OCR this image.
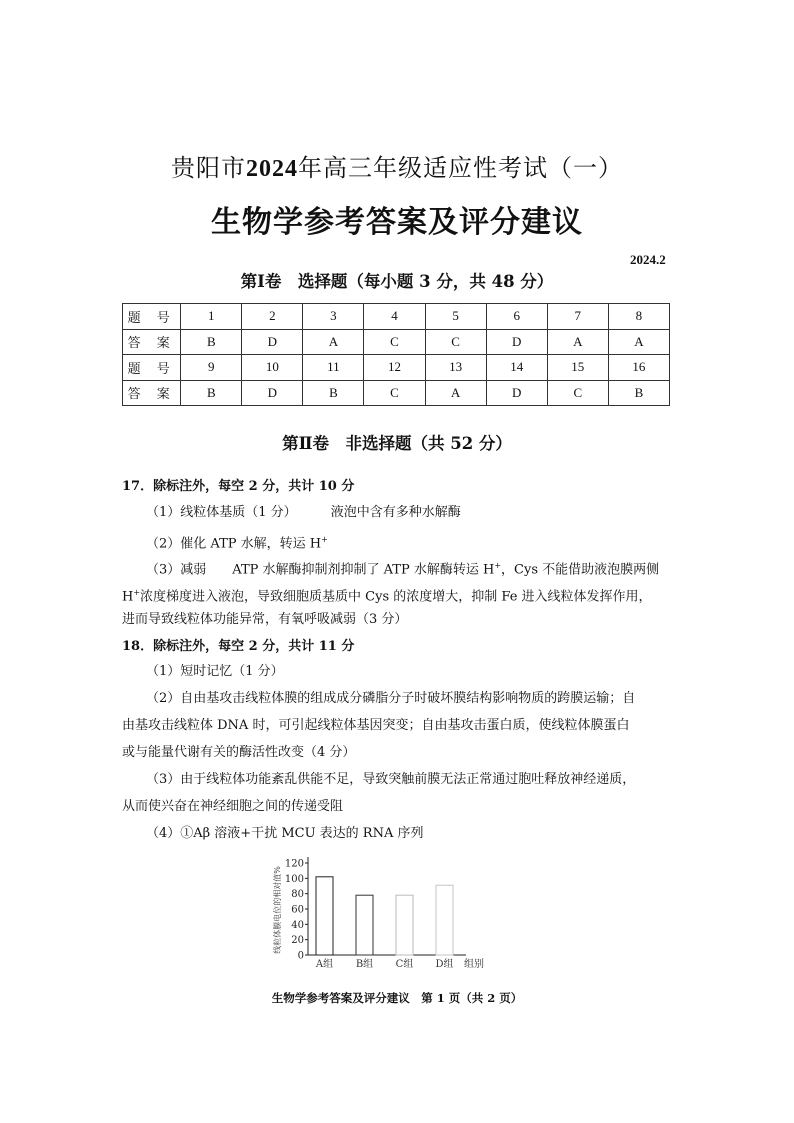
贵阳市2024年高三年级适应性考试（一）
生物学参考答案及评分建议
2024.2
第Ⅰ卷　选择题（每小题 3 分，共 48 分）
题 号	1	2	3	4	5	6	7	8
答 案	B	D	A	C	C	D	A	A
题 号	9	10	11	12	13	14	15	16
答 案	B	D	B	C	A	D	C	B
第Ⅱ卷　非选择题（共 52 分）
17．除标注外，每空 2 分，共计 10 分
（1）线粒体基质（1 分）	液泡中含有多种水解酶
（2）催化 ATP 水解，转运 H+
（3）减弱　　ATP 水解酶抑制剂抑制了 ATP 水解酶转运 H+，Cys 不能借助液泡膜两侧
H+浓度梯度进入液泡，导致细胞质基质中 Cys 的浓度增大，抑制 Fe 进入线粒体发挥作用，
进而导致线粒体功能异常，有氧呼吸减弱（3 分）
18．除标注外，每空 2 分，共计 11 分
（1）短时记忆（1 分）
（2）自由基攻击线粒体膜的组成成分磷脂分子时破坏膜结构影响物质的跨膜运输；自
由基攻击线粒体 DNA 时，可引起线粒体基因突变；自由基攻击蛋白质，使线粒体膜蛋白
或与能量代谢有关的酶活性改变（4 分）
（3）由于线粒体功能紊乱供能不足，导致突触前膜无法正常通过胞吐释放神经递质，
从而使兴奋在神经细胞之间的传递受阻
（4）①Aβ 溶液+干扰 MCU 表达的 RNA 序列
线粒体膜电位的相对值%
0
20
40
60
80
100
120
A组 B组 C组 D组 组别
生物学参考答案及评分建议　第 1 页（共 2 页）
